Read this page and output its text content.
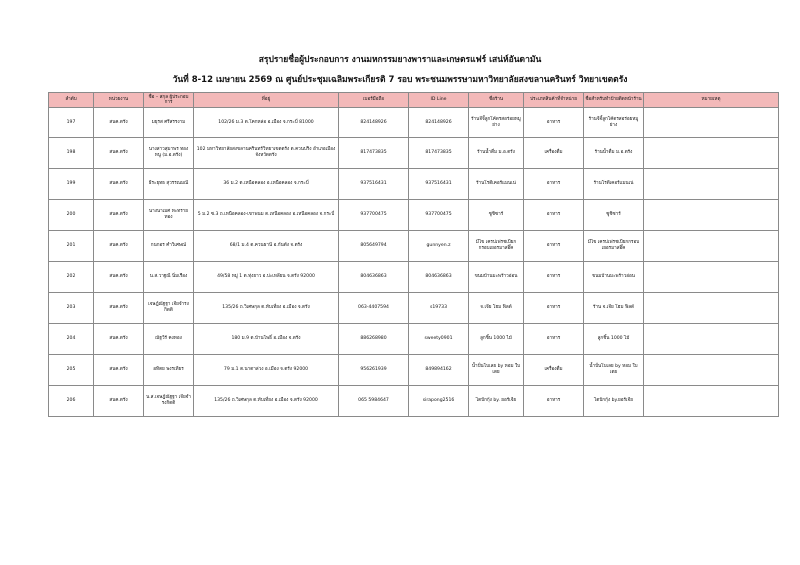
สรุปรายชื่อผู้ประกอบการ งานมหกรรมยางพาราและเกษตรแฟร์ เสน่ห์อันดามัน
วันที่ 8-12 เมษายน 2569 ณ ศูนย์ประชุมเฉลิมพระเกียรติ 7 รอบ พระชนมพรรษามหาวิทยาลัยสงขลานครินทร์ วิทยาเขตตรัง
ลำดับ	หน่วยงาน	ชื่อ – สกุล ผู้ประกอบการ	ที่อยู่	เบอร์มือถือ	ID Line	ชื่อร้าน	ประเภทสินค้าที่จำหน่าย	ชื่อสำหรับทำป้ายติดหน้าร้าน	หมายเหตุ
197	สนค.ตรัง	มยุรส ศรีสรรงาม	102/26 ม.3 ต.โคกหล่อ อ.เมือง จ.กระบี่ 81000	824148926	824148926	ร้านจีจี้ลูกโค้ดรสอร่อยหมูย่าง	อาหาร	ร้านจีจี้ลูกโค้ดรสอร่อยหมูย่าง	
198	สนค.ตรัง	นางสาวสุมาพร ทองหนู (ม.อ.ตรัง)	102 มหาวิทยาลัยสงขลานครินทร์วิทยาเขตตรัง ต.ควนปริง อำเภอเมืองจังหวัดตรัง	817473835	817473835	ร้านน้ำดื่ม ม.อ.ตรัง	เครื่องดื่ม	ร้านน้ำดื่ม ม.อ.ตรัง	
199	สนค.ตรัง	ธีระยุทธ สุวรรณมณี	36 ม.2 ต.เหนือคลอง อ.เหนือคลอง จ.กระบี่	937516431	937516431	ร้านโรตีเคอร์แมนเน่	อาหาร	ร้านโรตีเคอร์แมนเน่	
200	สนค.ตรัง	นางนาเมศ ทะทรายทอง	5 ม.2 ซ.3 ถ.เหนือคลอง-เขาพนม ต.เหนือคลอง อ.เหนือคลอง จ.กระบี่	937700475	937700475	ซูชิซาร์	อาหาร	ซูชิซาร์	
201	สนค.ตรัง	กนกอร คำวิเศษณ์	68/1 ม.4 ต.ควนธานี อ.กันตัง จ.ตรัง	805649794	gunnyen.z	มีไข เครปเฟรชเปียกกรอบเยอรมาสอิ๊ค	อาหาร	มีไข เครปเฟรชเปียกกรอบเยอรมาสอิ๊ค	
202	สนค.ตรัง	น.ส.วาฐณี นิ่มเรือง	49/58 หมู่ 1 ต.ทุ่งยาว อ.ปะเหลียน จ.ตรัง 92000	804636863	804636863	ขนมบ้านมะพร้าวอ่อน	อาหาร	ขนมบ้านมะพร้าวอ่อน	
203	สนค.ตรัง	เจษฎ์ณัฐฐา เจียจำรงกิตติ	135/26 ถ.วิเศษกุล ต.ทับเที่ยง อ.เมือง จ.ตรัง	063-4407594	s19733	จ.เจีย โฮม ฟิลด์	อาหาร	ร้าน จ.เจีย โฮม ฟิลด์	
204	สนค.ตรัง	ณัฐวีร์ คงทอง	180 ม.9 ต.บ้านโพธิ์ อ.เมือง จ.ตรัง	886268980	sweety0901	ลูกชิ้น 1000 ไม้	อาหาร	ลูกชิ้น 1000 ไม้	
205	สนค.ตรัง	อทิตย พงรเทียร	79 ม.1 ต.นาตาล่วง อ.เมือง จ.ตรัง 92000	956261939	849894162	น้ำปั่นโบเลย by หอม ใบเตย	เครื่องดื่ม	น้ำปั่นโบเลย by หอม ใบเตย	
206	สนค.ตรัง	น.ส.เจษฎ์ณัฐฐา เจียจำรงกิตติ	135/26 ถ.วิเศษกุล ต.ทับเที่ยง อ.เมือง จ.ตรัง 92000	065 5984647	sirapong2516	ไตปักกุ้ง by. ยอร์เจีย	อาหาร	ไตปักกุ้ง by.ยอร์เจีย	
